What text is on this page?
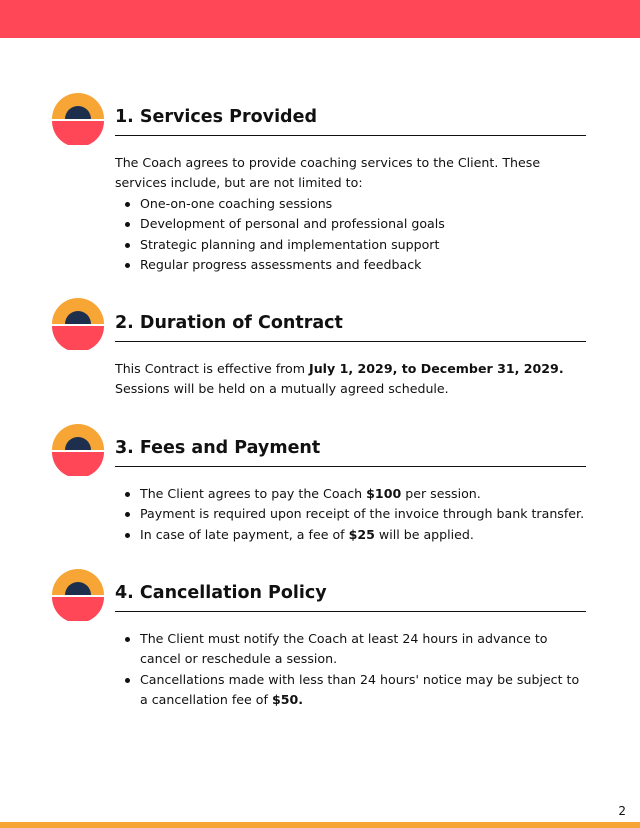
1. Services Provided

The Coach agrees to provide coaching services to the Client. These services include, but are not limited to:

One-on-one coaching sessions
Development of personal and professional goals
Strategic planning and implementation support
Regular progress assessments and feedback
2. Duration of Contract

This Contract is effective from July 1, 2029, to December 31, 2029. Sessions will be held on a mutually agreed schedule.

3. Fees and Payment
The Client agrees to pay the Coach $100 per session.
Payment is required upon receipt of the invoice through bank transfer.
In case of late payment, a fee of $25 will be applied.
4. Cancellation Policy
The Client must notify the Coach at least 24 hours in advance to cancel or reschedule a session.
Cancellations made with less than 24 hours' notice may be subject to a cancellation fee of $50.
2
